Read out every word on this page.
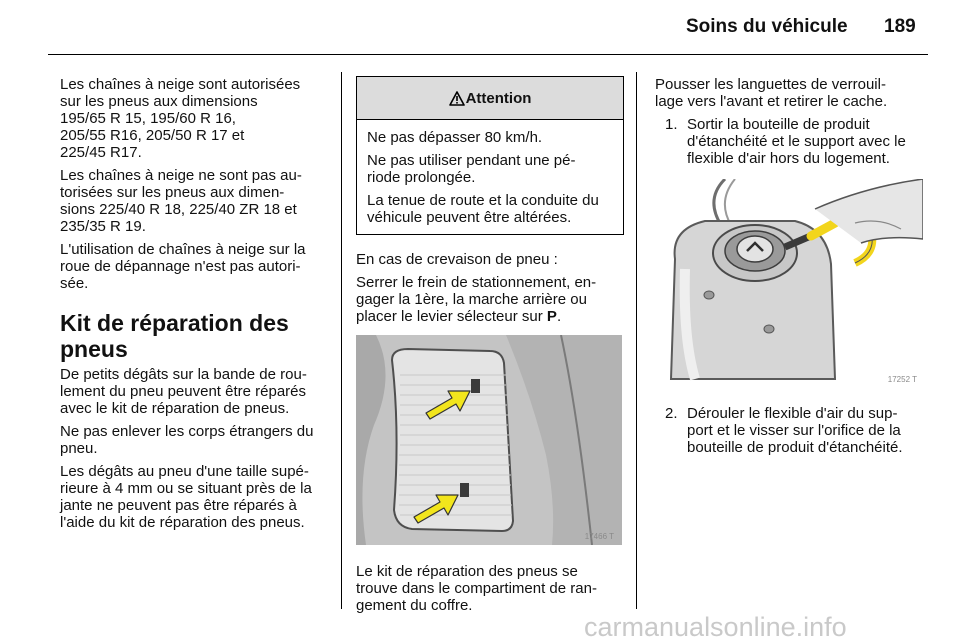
Soins du véhicule 189

Les chaînes à neige sont autorisées
sur les pneus aux dimensions
195/65 R 15, 195/60 R 16,
205/55 R16, 205/50 R 17 et
225/45 R17.

Les chaînes à neige ne sont pas au-
torisées sur les pneus aux dimen-
sions 225/40 R 18, 225/40 ZR 18 et
235/35 R 19.

L'utilisation de chaînes à neige sur la
roue de dépannage n'est pas autori-
sée.

Kit de réparation des
pneus

De petits dégâts sur la bande de rou-
lement du pneu peuvent être réparés
avec le kit de réparation de pneus.

Ne pas enlever les corps étrangers du
pneu.

Les dégâts au pneu d'une taille supé-
rieure à 4 mm ou se situant près de la
jante ne peuvent pas être réparés à
l'aide du kit de réparation des pneus.

Attention

Ne pas dépasser 80 km/h.

Ne pas utiliser pendant une pé-
riode prolongée.

La tenue de route et la conduite du
véhicule peuvent être altérées.

En cas de crevaison de pneu :

Serrer le frein de stationnement, en-
gager la 1ère, la marche arrière ou
placer le levier sélecteur sur P.

17466 T

Le kit de réparation des pneus se
trouve dans le compartiment de ran-
gement du coffre.

Pousser les languettes de verrouil-
lage vers l'avant et retirer le cache.

1. Sortir la bouteille de produit
d'étanchéité et le support avec le
flexible d'air hors du logement.
17252 T
2. Dérouler le flexible d'air du sup-
port et le visser sur l'orifice de la
bouteille de produit d'étanchéité.
carmanualsonline.info
